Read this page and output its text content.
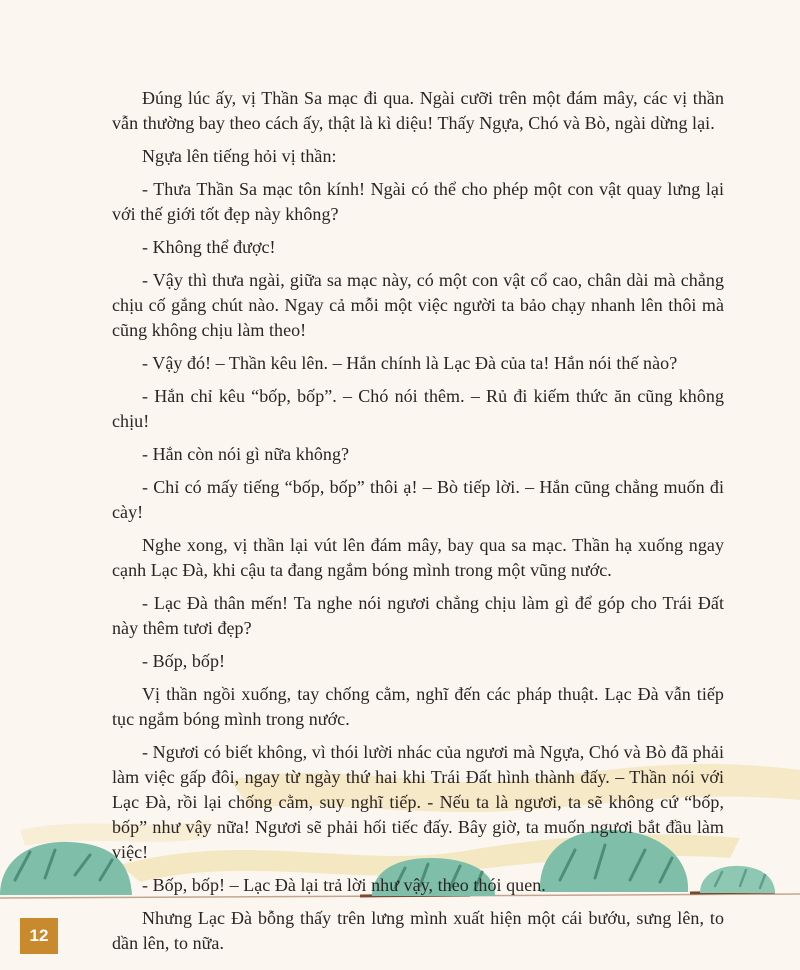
Đúng lúc ấy, vị Thần Sa mạc đi qua. Ngài cưỡi trên một đám mây, các vị thần vẫn thường bay theo cách ấy, thật là kì diệu! Thấy Ngựa, Chó và Bò, ngài dừng lại.

Ngựa lên tiếng hỏi vị thần:

- Thưa Thần Sa mạc tôn kính! Ngài có thể cho phép một con vật quay lưng lại với thế giới tốt đẹp này không?

- Không thể được!

- Vậy thì thưa ngài, giữa sa mạc này, có một con vật cổ cao, chân dài mà chẳng chịu cố gắng chút nào. Ngay cả mỗi một việc người ta bảo chạy nhanh lên thôi mà cũng không chịu làm theo!

- Vậy đó! – Thần kêu lên. – Hắn chính là Lạc Đà của ta! Hắn nói thế nào?

- Hắn chỉ kêu “bốp, bốp”. – Chó nói thêm. – Rủ đi kiếm thức ăn cũng không chịu!

- Hắn còn nói gì nữa không?

- Chỉ có mấy tiếng “bốp, bốp” thôi ạ! – Bò tiếp lời. – Hắn cũng chẳng muốn đi cày!

Nghe xong, vị thần lại vút lên đám mây, bay qua sa mạc. Thần hạ xuống ngay cạnh Lạc Đà, khi cậu ta đang ngắm bóng mình trong một vũng nước.

- Lạc Đà thân mến! Ta nghe nói ngươi chẳng chịu làm gì để góp cho Trái Đất này thêm tươi đẹp?

- Bốp, bốp!

Vị thần ngồi xuống, tay chống cằm, nghĩ đến các pháp thuật. Lạc Đà vẫn tiếp tục ngắm bóng mình trong nước.

- Ngươi có biết không, vì thói lười nhác của ngươi mà Ngựa, Chó và Bò đã phải làm việc gấp đôi, ngay từ ngày thứ hai khi Trái Đất hình thành đấy. – Thần nói với Lạc Đà, rồi lại chống cằm, suy nghĩ tiếp. - Nếu ta là ngươi, ta sẽ không cứ “bốp, bốp” như vậy nữa! Ngươi sẽ phải hối tiếc đấy. Bây giờ, ta muốn ngươi bắt đầu làm việc!

- Bốp, bốp! – Lạc Đà lại trả lời như vậy, theo thói quen.

Nhưng Lạc Đà bỗng thấy trên lưng mình xuất hiện một cái bướu, sưng lên, to dần lên, to nữa.

12
